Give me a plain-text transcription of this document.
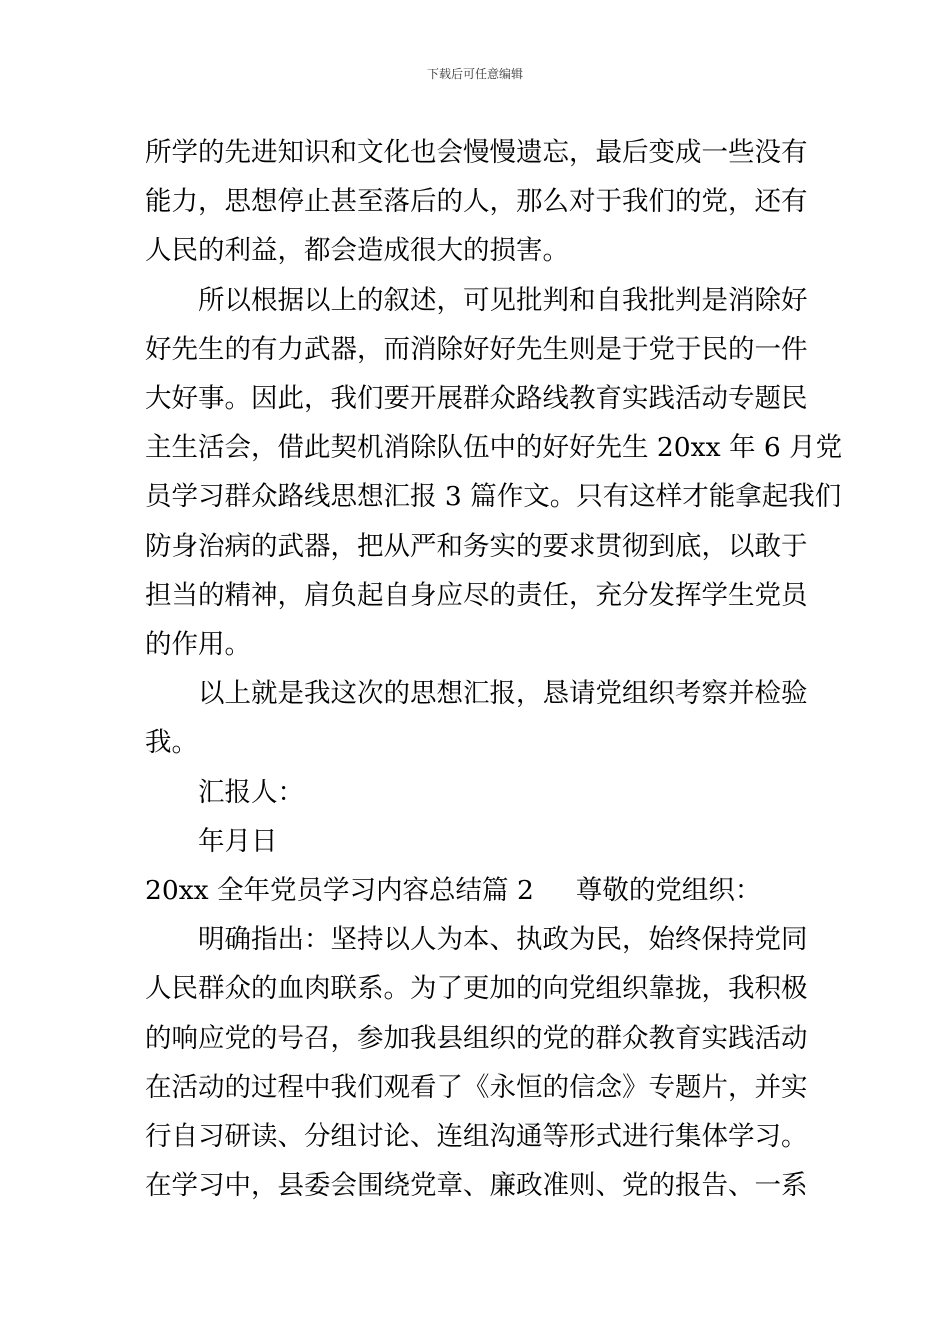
下载后可任意编辑

所学的先进知识和文化也会慢慢遗忘，最后变成一些没有

能力，思想停止甚至落后的人，那么对于我们的党，还有

人民的利益，都会造成很大的损害。

所以根据以上的叙述，可见批判和自我批判是消除好

好先生的有力武器，而消除好好先生则是于党于民的一件

大好事。因此，我们要开展群众路线教育实践活动专题民

主生活会，借此契机消除队伍中的好好先生 20xx 年 6 月党

员学习群众路线思想汇报 3 篇作文。只有这样才能拿起我们

防身治病的武器，把从严和务实的要求贯彻到底，以敢于

担当的精神，肩负起自身应尽的责任，充分发挥学生党员

的作用。

以上就是我这次的思想汇报，恳请党组织考察并检验

我。

汇报人：

年月日

20xx 全年党员学习内容总结篇 2 尊敬的党组织：

明确指出：坚持以人为本、执政为民，始终保持党同

人民群众的血肉联系。为了更加的向党组织靠拢，我积极

的响应党的号召，参加我县组织的党的群众教育实践活动

在活动的过程中我们观看了《永恒的信念》专题片，并实

行自习研读、分组讨论、连组沟通等形式进行集体学习。

在学习中，县委会围绕党章、廉政准则、党的报告、一系
